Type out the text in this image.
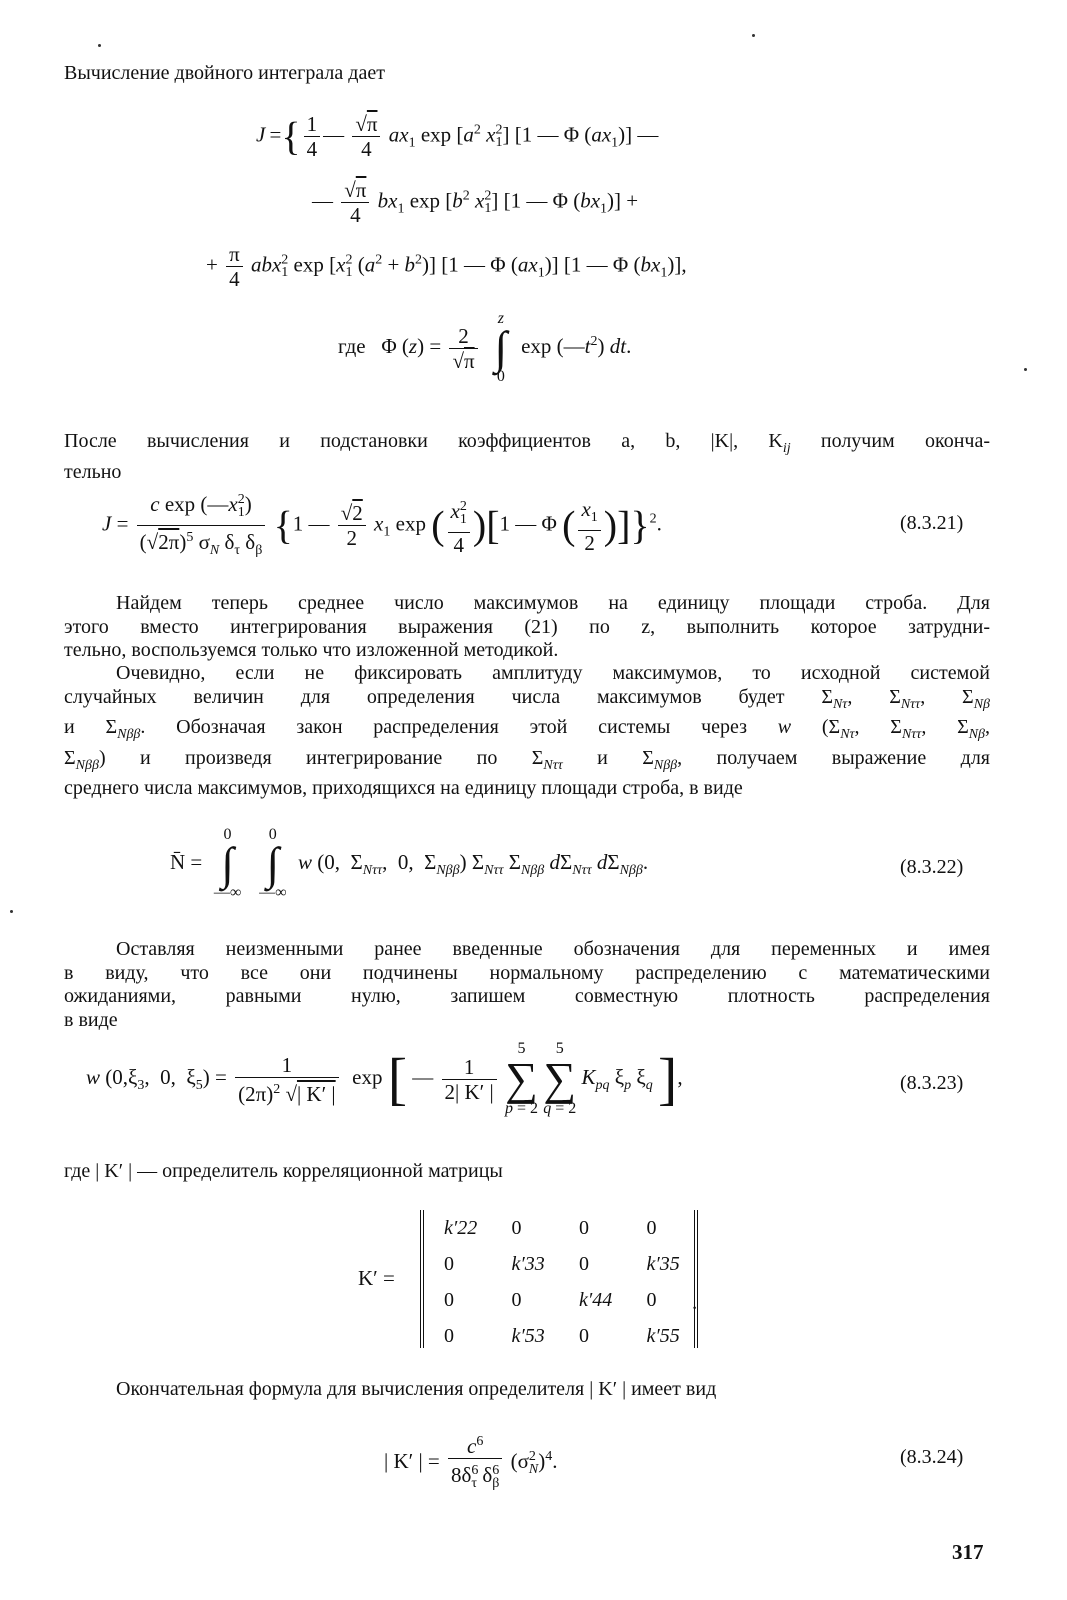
Вычисление двойного интеграла дает

J ={ $\frac{1}{4}$ — $\frac{√\pi}{4} ax_1$ $\exp [a^2$ $x^2_1$] [1 — Φ $(ax_1)$] —
— $\frac{√\pi}{4} bx_1$ $\exp [b^2$ $x^2_1$] [1 — Φ $(bx_1)$] +
+ $\frac{\pi}{4} abx^2_1$ $\exp [x^2_1$ $(a^2 + b^2)$] [1 — Φ $(ax_1)$] [1 — Φ $(bx_1)$],
где   Φ $(z) = \frac{2}{√\pi}$

z
∫
0
$\exp (—t^2)$ dt.

После вычисления и подстановки коэффициентов a, b, |K|, $K_{ij}$ получим оконча-
тельно

$J = \frac{c \exp (—x^2_1)}{(√2\pi)^5 \sigma_N \delta_\tau \delta_\beta} \{1$ — $\frac{√2}{2} x_1$ exp ( $\frac{x^2_1}{4} )[1$ — Φ ( $\frac{x_1}{2} )]\}^2$.	(8.3.21)

Найдем теперь среднее число максимумов на единицу площади строба. Для
этого вместо интегрирования выражения (21) по z, выполнить которое затрудни-
тельно, воспользуемся только что изложенной методикой.

Очевидно, если не фиксировать амплитуду максимумов, то исходной системой
случайных величин для определения числа максимумов будет $\Sigma_{N\tau}$, $\Sigma_{N\tau\tau}$, $\Sigma_{N\beta}$
и $\Sigma_{N\beta\beta}$. Обозначая закон распределения этой системы через w ($\Sigma_{N\tau}$, $\Sigma_{N\tau\tau}$, $\Sigma_{N\beta}$,
$\Sigma_{N\beta\beta}$) и произведя интегрирование по $\Sigma_{N\tau\tau}$ и $\Sigma_{N\beta\beta}$, получаем выражение для
среднего числа максимумов, приходящихся на единицу площади строба, в виде

N̄ =
0
∫
—∞

0
∫
—∞
w (0,  $\Sigma_{N\tau\tau}$,  0,  $\Sigma_{N\beta\beta}$) $\Sigma_{N\tau\tau}$ $\Sigma_{N\beta\beta}$ $d\Sigma_{N\tau\tau}$ $d\Sigma_{N\beta\beta}$.	(8.3.22)

Оставляя неизменными ранее введенные обозначения для переменных и имея
в виду, что все они подчинены нормальному распределению с математическими
ожиданиями, равными нулю, запишем совместную плотность распределения
в виде

w ($0,\xi_3$,  0,  $\xi_5) = \frac{1}{(2\pi)^2 √| K' |}$ exp [ — $\frac{1}{2| K' |}$

5
∑
p = 2

5
∑
q = 2
$K_{pq}$ $\xi_p$ $\xi_q$ ],	(8.3.23)

где | K′ | — определитель корреляционной матрицы

K′ =
k′22	0	0	0
0	k′33	0	k′35
0	0	k′44	0
0	k′53	0	k′55
.

Окончательная формула для вычисления определителя | K′ | имеет вид

| K′ | = $\frac{c^6}{8\delta^6_\tau \delta^6_\beta} (\sigma^2_N)^4$.	(8.3.24)
317
